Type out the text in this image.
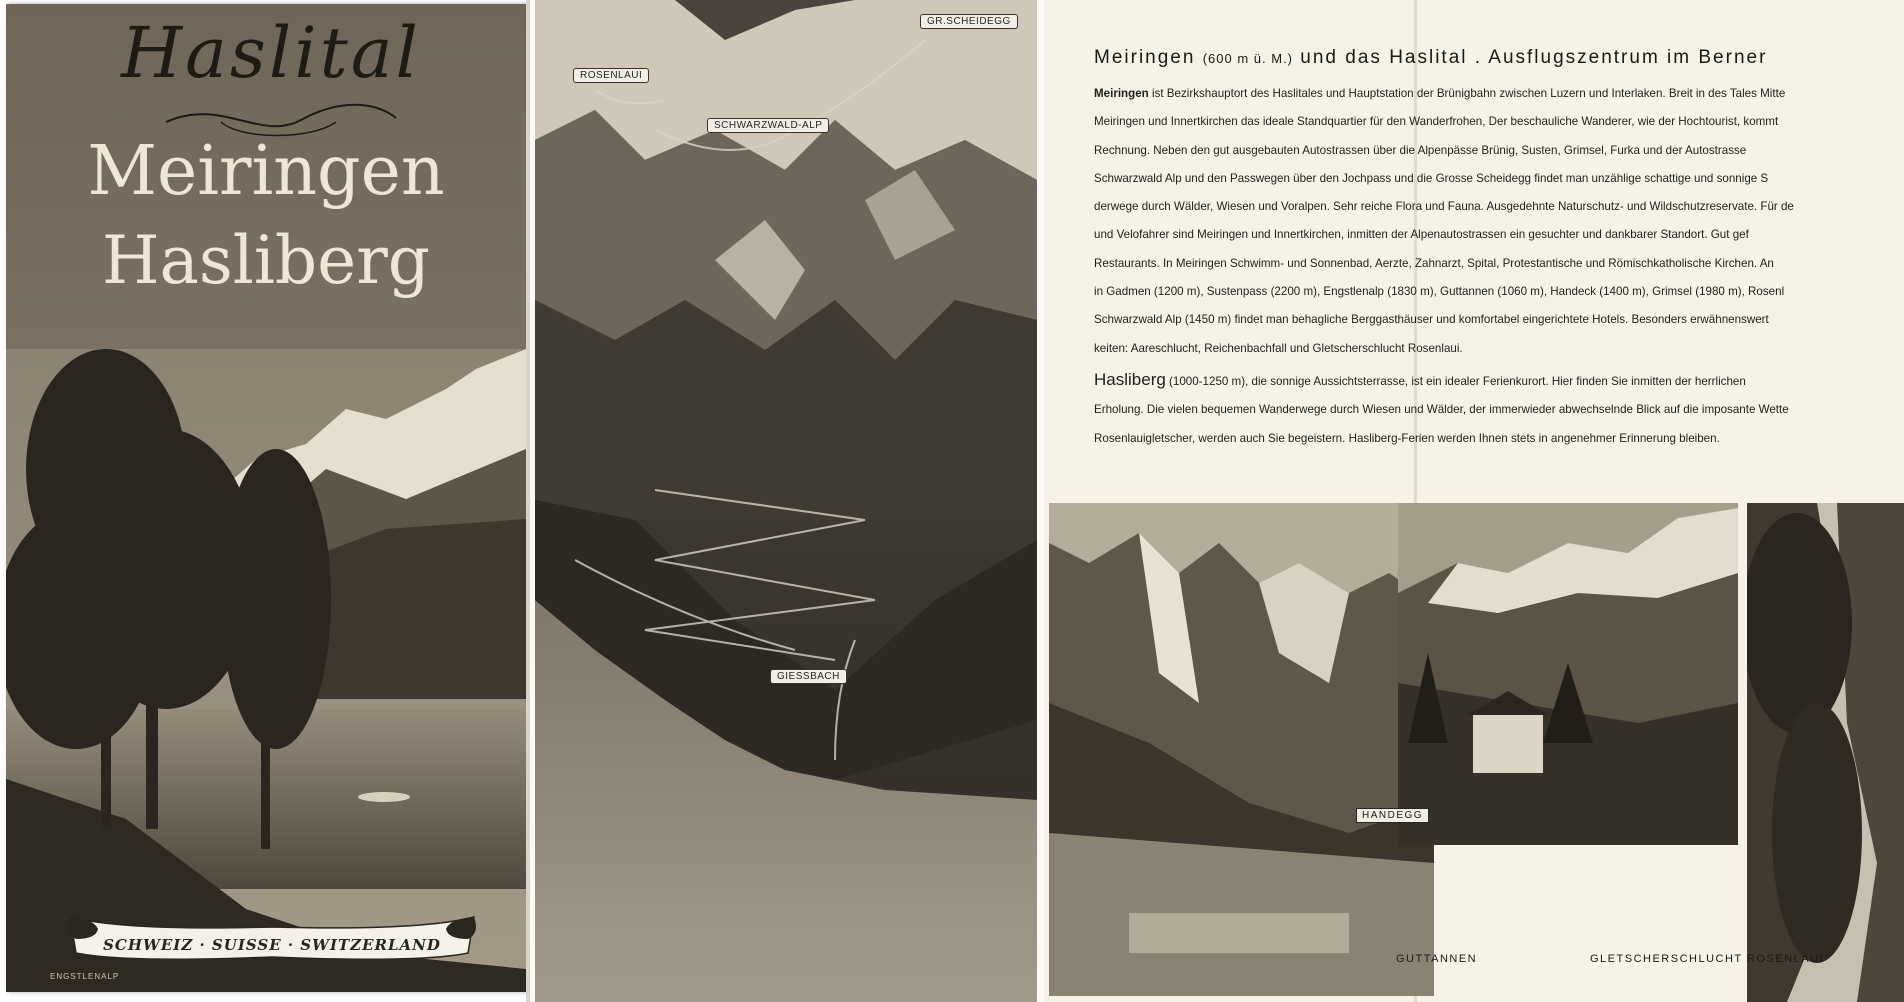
Haslital
Meiringen
Hasliberg
SCHWEIZ · SUISSE · SWITZERLAND
ENGSTLENALP
GR.SCHEIDEGG
ROSENLAUI
SCHWARZWALD-ALP
GIESSBACH
Meiringen (600 m ü. M.) und das Haslital . Ausflugszentrum im Berner
Meiringen ist Bezirkshauptort des Haslitales und Hauptstation der Brünigbahn zwischen Luzern und Interlaken. Breit in des Tales Mitte
Meiringen und Innertkirchen das ideale Standquartier für den Wanderfrohen, Der beschauliche Wanderer, wie der Hochtourist, kommt
Rechnung. Neben den gut ausgebauten Autostrassen über die Alpenpässe Brünig, Susten, Grimsel, Furka und der Autostrasse
Schwarzwald Alp und den Passwegen über den Jochpass und die Grosse Scheidegg findet man unzählige schattige und sonnige S
derwege durch Wälder, Wiesen und Voralpen. Sehr reiche Flora und Fauna. Ausgedehnte Naturschutz- und Wildschutzreservate. Für de
und Velofahrer sind Meiringen und Innertkirchen, inmitten der Alpenautostrassen ein gesuchter und dankbarer Standort. Gut gef
Restaurants. In Meiringen Schwimm- und Sonnenbad, Aerzte, Zahnarzt, Spital, Protestantische und Römischkatholische Kirchen. An
in Gadmen (1200 m), Sustenpass (2200 m), Engstlenalp (1830 m), Guttannen (1060 m), Handeck (1400 m), Grimsel (1980 m), Rosenl
Schwarzwald Alp (1450 m) findet man behagliche Berggasthäuser und komfortabel eingerichtete Hotels. Besonders erwähnenswert
keiten: Aareschlucht, Reichenbachfall und Gletscherschlucht Rosenlaui.
Hasliberg (1000-1250 m), die sonnige Aussichtsterrasse, ist ein idealer Ferienkurort. Hier finden Sie inmitten der herrlichen
Erholung. Die vielen bequemen Wanderwege durch Wiesen und Wälder, der immerwieder abwechselnde Blick auf die imposante Wette
Rosenlauigletscher, werden auch Sie begeistern. Hasliberg-Ferien werden Ihnen stets in angenehmer Erinnerung bleiben.
HANDEGG
GUTTANNEN	GLETSCHERSCHLUCHT ROSENLAUI
